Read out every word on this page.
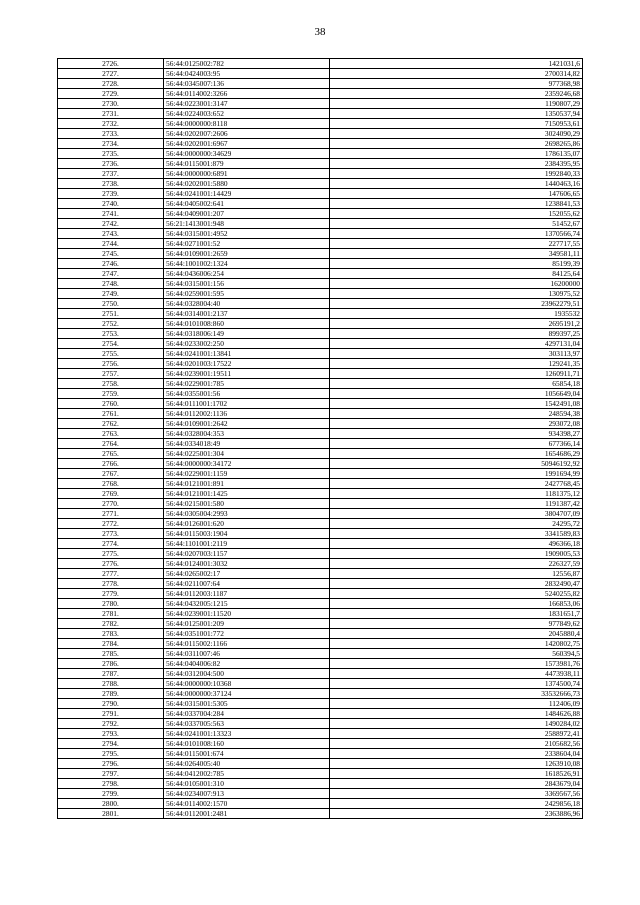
38
2726.	56:44:0125002:782	1421031,6
2727.	56:44:0424003:95	2700314,82
2728.	56:44:0345007:136	977368,98
2729.	56:44:0114002:3266	2359246,68
2730.	56:44:0223001:3147	1190807,29
2731.	56:44:0224003:652	1350537,94
2732.	56:44:0000000:8118	7150953,61
2733.	56:44:0202007:2606	3024090,29
2734.	56:44:0202001:6967	2698265,86
2735.	56:44:0000000:34629	1786135,07
2736.	56:44:0115001:879	2384395,95
2737.	56:44:0000000:6891	1992840,33
2738.	56:44:0202001:5880	1440463,16
2739.	56:44:0241001:14429	147606,65
2740.	56:44:0405002:641	1238841,53
2741.	56:44:0409001:207	152055,62
2742.	56:21:1413001:948	51452,67
2743.	56:44:0315001:4952	1370566,74
2744.	56:44:0271001:52	227717,55
2745.	56:44:0109001:2659	349581,11
2746.	56:44:1001002:1324	85199,39
2747.	56:44:0436006:254	84125,64
2748.	56:44:0315001:156	16200000
2749.	56:44:0259001:595	130975,52
2750.	56:44:0328004:40	23962279,51
2751.	56:44:0314001:2137	1935532
2752.	56:44:0101008:860	2695191,2
2753.	56:44:0318006:149	899397,25
2754.	56:44:0233002:250	4297131,04
2755.	56:44:0241001:13841	303113,97
2756.	56:44:0201003:17522	129241,35
2757.	56:44:0239001:19511	1260911,71
2758.	56:44:0229001:785	65854,18
2759.	56:44:0355001:56	1056649,04
2760.	56:44:0111001:1702	1542491,08
2761.	56:44:0112002:1136	248594,38
2762.	56:44:0109001:2642	293072,08
2763.	56:44:0328004:353	934398,27
2764.	56:44:0334018:49	677366,14
2765.	56:44:0225001:304	1654686,29
2766.	56:44:0000000:34172	50946192,92
2767.	56:44:0229001:1159	1991694,99
2768.	56:44:0121001:891	2427768,45
2769.	56:44:0121001:1425	1181375,12
2770.	56:44:0215001:580	1191387,42
2771.	56:44:0305004:2993	3804707,09
2772.	56:44:0126001:620	24295,72
2773.	56:44:0115003:1904	3341589,83
2774.	56:44:1101001:2119	496366,18
2775.	56:44:0207003:1157	1909005,53
2776.	56:44:0124001:3032	226327,59
2777.	56:44:0265002:17	12556,87
2778.	56:44:0211007:64	2832490,47
2779.	56:44:0112003:1187	5240255,82
2780.	56:44:0432005:1215	166853,06
2781.	56:44:0239001:11520	1831651,7
2782.	56:44:0125001:209	977849,62
2783.	56:44:0351001:772	2045880,4
2784.	56:44:0115002:1166	1420802,75
2785.	56:44:0311007:46	560394,5
2786.	56:44:0404006:82	1573981,76
2787.	56:44:0312004:500	4473938,11
2788.	56:44:0000000:10368	1374500,74
2789.	56:44:0000000:37124	33532666,73
2790.	56:44:0315001:5305	112406,09
2791.	56:44:0337004:284	1484626,88
2792.	56:44:0337005:563	1490284,02
2793.	56:44:0241001:13323	2588972,41
2794.	56:44:0101008:160	2105682,56
2795.	56:44:0115001:674	2338604,04
2796.	56:44:0264005:40	1263910,08
2797.	56:44:0412002:785	1618526,91
2798.	56:44:0105001:310	2843679,04
2799.	56:44:0234007:913	3369567,56
2800.	56:44:0114002:1570	2429856,18
2801.	56:44:0112001:2481	2363886,96
